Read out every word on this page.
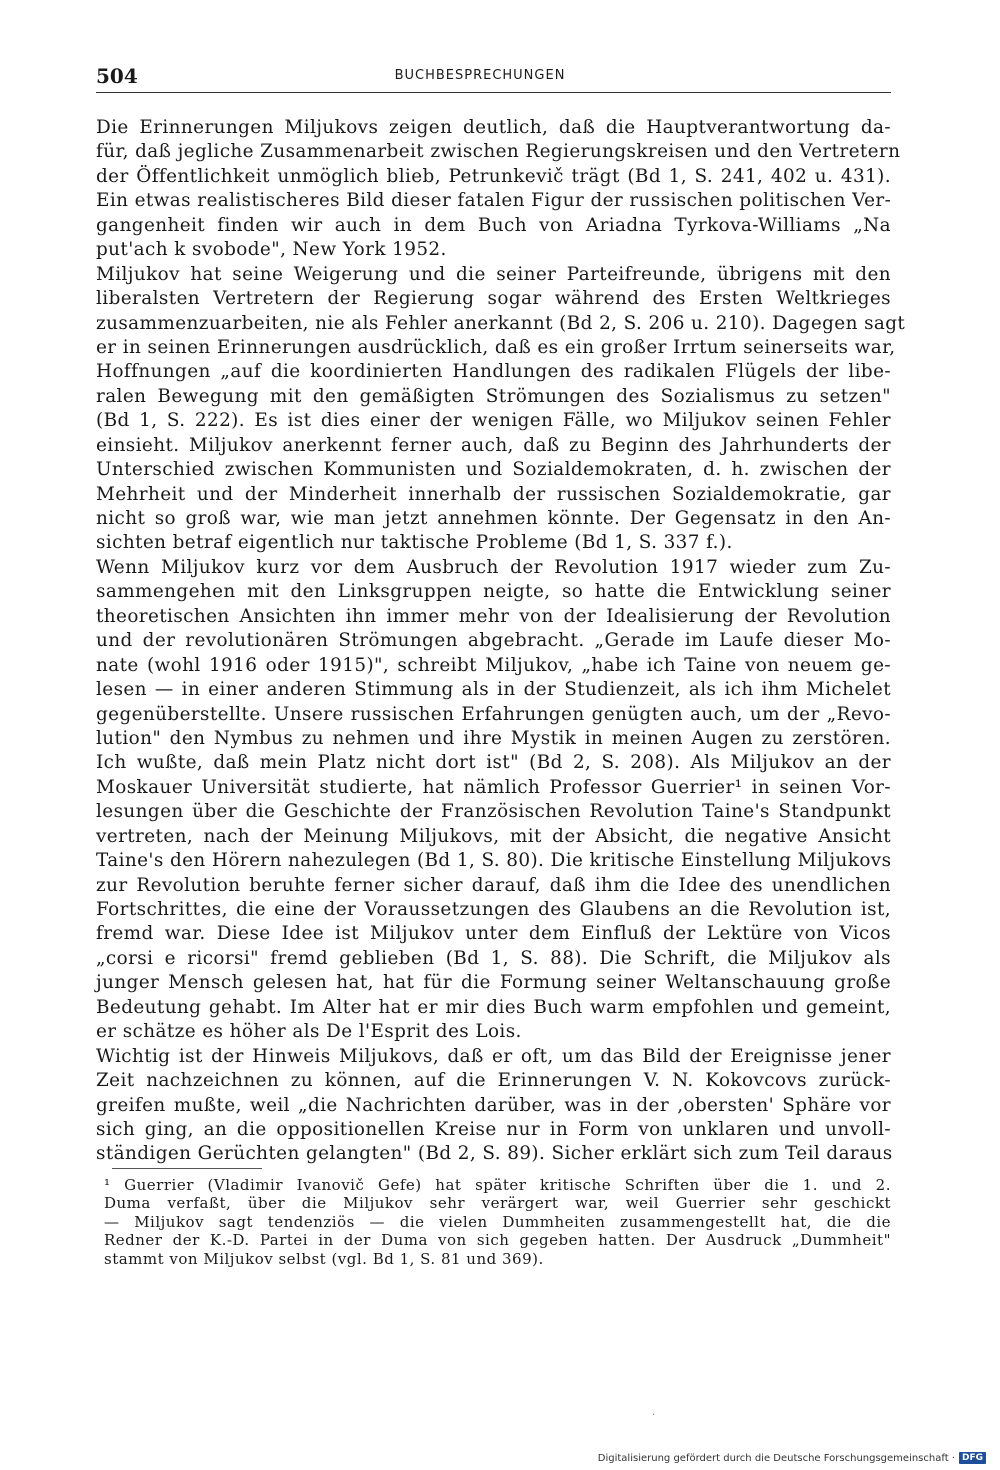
504	BUCHBESPRECHUNGEN
Die Erinnerungen Miljukovs zeigen deutlich, daß die Hauptverantwortung da-
für, daß jegliche Zusammenarbeit zwischen Regierungskreisen und den Vertretern
der Öffentlichkeit unmöglich blieb, Petrunkevič trägt (Bd 1, S. 241, 402 u. 431).
Ein etwas realistischeres Bild dieser fatalen Figur der russischen politischen Ver-
gangenheit finden wir auch in dem Buch von Ariadna Tyrkova-Williams „Na
put'ach k svobode", New York 1952.
Miljukov hat seine Weigerung und die seiner Parteifreunde, übrigens mit den
liberalsten Vertretern der Regierung sogar während des Ersten Weltkrieges
zusammenzuarbeiten, nie als Fehler anerkannt (Bd 2, S. 206 u. 210). Dagegen sagt
er in seinen Erinnerungen ausdrücklich, daß es ein großer Irrtum seinerseits war,
Hoffnungen „auf die koordinierten Handlungen des radikalen Flügels der libe-
ralen Bewegung mit den gemäßigten Strömungen des Sozialismus zu setzen"
(Bd 1, S. 222). Es ist dies einer der wenigen Fälle, wo Miljukov seinen Fehler
einsieht. Miljukov anerkennt ferner auch, daß zu Beginn des Jahrhunderts der
Unterschied zwischen Kommunisten und Sozialdemokraten, d. h. zwischen der
Mehrheit und der Minderheit innerhalb der russischen Sozialdemokratie, gar
nicht so groß war, wie man jetzt annehmen könnte. Der Gegensatz in den An-
sichten betraf eigentlich nur taktische Probleme (Bd 1, S. 337 f.).
Wenn Miljukov kurz vor dem Ausbruch der Revolution 1917 wieder zum Zu-
sammengehen mit den Linksgruppen neigte, so hatte die Entwicklung seiner
theoretischen Ansichten ihn immer mehr von der Idealisierung der Revolution
und der revolutionären Strömungen abgebracht. „Gerade im Laufe dieser Mo-
nate (wohl 1916 oder 1915)", schreibt Miljukov, „habe ich Taine von neuem ge-
lesen — in einer anderen Stimmung als in der Studienzeit, als ich ihm Michelet
gegenüberstellte. Unsere russischen Erfahrungen genügten auch, um der „Revo-
lution" den Nymbus zu nehmen und ihre Mystik in meinen Augen zu zerstören.
Ich wußte, daß mein Platz nicht dort ist" (Bd 2, S. 208). Als Miljukov an der
Moskauer Universität studierte, hat nämlich Professor Guerrier¹ in seinen Vor-
lesungen über die Geschichte der Französischen Revolution Taine's Standpunkt
vertreten, nach der Meinung Miljukovs, mit der Absicht, die negative Ansicht
Taine's den Hörern nahezulegen (Bd 1, S. 80). Die kritische Einstellung Miljukovs
zur Revolution beruhte ferner sicher darauf, daß ihm die Idee des unendlichen
Fortschrittes, die eine der Voraussetzungen des Glaubens an die Revolution ist,
fremd war. Diese Idee ist Miljukov unter dem Einfluß der Lektüre von Vicos
„corsi e ricorsi" fremd geblieben (Bd 1, S. 88). Die Schrift, die Miljukov als
junger Mensch gelesen hat, hat für die Formung seiner Weltanschauung große
Bedeutung gehabt. Im Alter hat er mir dies Buch warm empfohlen und gemeint,
er schätze es höher als De l'Esprit des Lois.
Wichtig ist der Hinweis Miljukovs, daß er oft, um das Bild der Ereignisse jener
Zeit nachzeichnen zu können, auf die Erinnerungen V. N. Kokovcovs zurück-
greifen mußte, weil „die Nachrichten darüber, was in der ‚obersten' Sphäre vor
sich ging, an die oppositionellen Kreise nur in Form von unklaren und unvoll-
ständigen Gerüchten gelangten" (Bd 2, S. 89). Sicher erklärt sich zum Teil daraus
¹ Guerrier (Vladimir Ivanovič Gefe) hat später kritische Schriften über die 1. und 2.
Duma verfaßt, über die Miljukov sehr verärgert war, weil Guerrier sehr geschickt
— Miljukov sagt tendenziös — die vielen Dummheiten zusammengestellt hat, die die
Redner der K.-D. Partei in der Duma von sich gegeben hatten. Der Ausdruck „Dummheit"
stammt von Miljukov selbst (vgl. Bd 1, S. 81 und 369).
·
Digitalisierung gefördert durch die Deutsche Forschungsgemeinschaft · DFG
